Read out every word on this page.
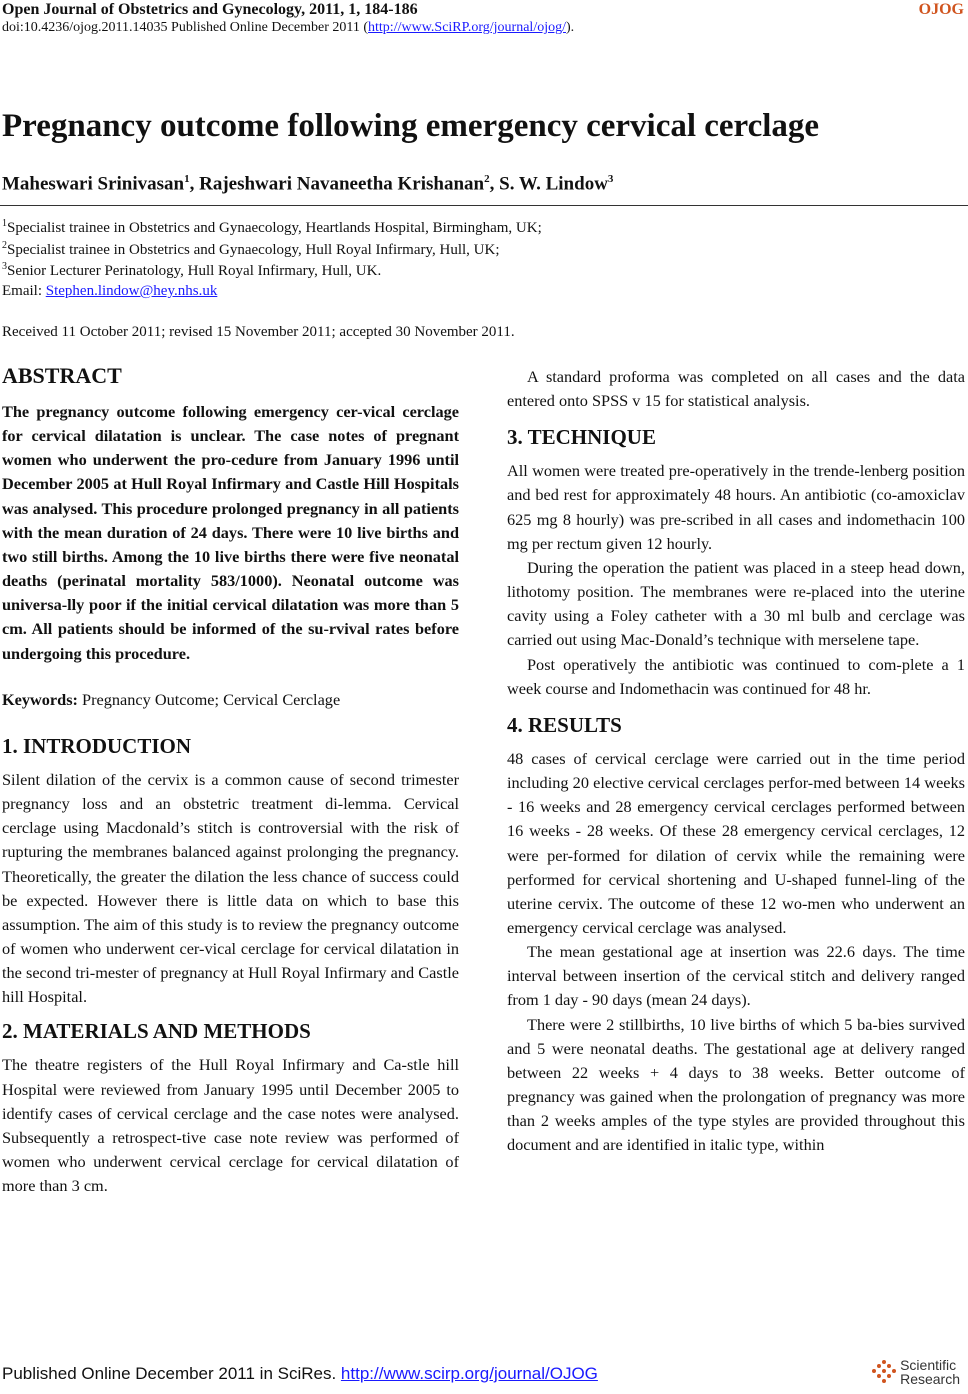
Open Journal of Obstetrics and Gynecology, 2011, 1, 184-186	OJOG
doi:10.4236/ojog.2011.14035 Published Online December 2011 (http://www.SciRP.org/journal/ojog/).
Pregnancy outcome following emergency cervical cerclage
Maheswari Srinivasan$^1$, Rajeshwari Navaneetha Krishanan$^2$, S. W. Lindow$^3$
$^1$Specialist trainee in Obstetrics and Gynaecology, Heartlands Hospital, Birmingham, UK;
$^2$Specialist trainee in Obstetrics and Gynaecology, Hull Royal Infirmary, Hull, UK;
$^3$Senior Lecturer Perinatology, Hull Royal Infirmary, Hull, UK.
Email: Stephen.lindow@hey.nhs.uk
Received 11 October 2011; revised 15 November 2011; accepted 30 November 2011.
ABSTRACT

The pregnancy outcome following emergency cer-vical cerclage for cervical dilatation is unclear. The case notes of pregnant women who underwent the pro-cedure from January 1996 until December 2005 at Hull Royal Infirmary and Castle Hill Hospitals was analysed. This procedure prolonged pregnancy in all patients with the mean duration of 24 days. There were 10 live births and two still births. Among the 10 live births there were five neonatal deaths (perinatal mortality 583/1000). Neonatal outcome was universa-lly poor if the initial cervical dilatation was more than 5 cm. All patients should be informed of the su-rvival rates before undergoing this procedure.

Keywords: Pregnancy Outcome; Cervical Cerclage

1. INTRODUCTION

Silent dilation of the cervix is a common cause of second trimester pregnancy loss and an obstetric treatment di-lemma. Cervical cerclage using Macdonald’s stitch is controversial with the risk of rupturing the membranes balanced against prolonging the pregnancy. Theoretically, the greater the dilation the less chance of success could be expected. However there is little data on which to base this assumption. The aim of this study is to review the pregnancy outcome of women who underwent cer-vical cerclage for cervical dilatation in the second tri-mester of pregnancy at Hull Royal Infirmary and Castle hill Hospital.

2. MATERIALS AND METHODS

The theatre registers of the Hull Royal Infirmary and Ca-stle hill Hospital were reviewed from January 1995 until December 2005 to identify cases of cervical cerclage and the case notes were analysed. Subsequently a retrospect-tive case note review was performed of women who underwent cervical cerclage for cervical dilatation of more than 3 cm.

A standard proforma was completed on all cases and the data entered onto SPSS v 15 for statistical analysis.

3. TECHNIQUE

All women were treated pre-operatively in the trende-lenberg position and bed rest for approximately 48 hours. An antibiotic (co-amoxiclav 625 mg 8 hourly) was pre-scribed in all cases and indomethacin 100 mg per rectum given 12 hourly.

During the operation the patient was placed in a steep head down, lithotomy position. The membranes were re-placed into the uterine cavity using a Foley catheter with a 30 ml bulb and cerclage was carried out using Mac-Donald’s technique with merselene tape.

Post operatively the antibiotic was continued to com-plete a 1 week course and Indomethacin was continued for 48 hr.

4. RESULTS

48 cases of cervical cerclage were carried out in the time period including 20 elective cervical cerclages perfor-med between 14 weeks - 16 weeks and 28 emergency cervical cerclages performed between 16 weeks - 28 weeks. Of these 28 emergency cervical cerclages, 12 were per-formed for dilation of cervix while the remaining were performed for cervical shortening and U-shaped funnel-ling of the uterine cervix. The outcome of these 12 wo-men who underwent an emergency cervical cerclage was analysed.

The mean gestational age at insertion was 22.6 days. The time interval between insertion of the cervical stitch and delivery ranged from 1 day - 90 days (mean 24 days).

There were 2 stillbirths, 10 live births of which 5 ba-bies survived and 5 were neonatal deaths. The gestational age at delivery ranged between 22 weeks + 4 days to 38 weeks. Better outcome of pregnancy was gained when the prolongation of pregnancy was more than 2 weeks amples of the type styles are provided throughout this document and are identified in italic type, within

Published Online December 2011 in SciRes. http://www.scirp.org/journal/OJOG	Scientific
Research
